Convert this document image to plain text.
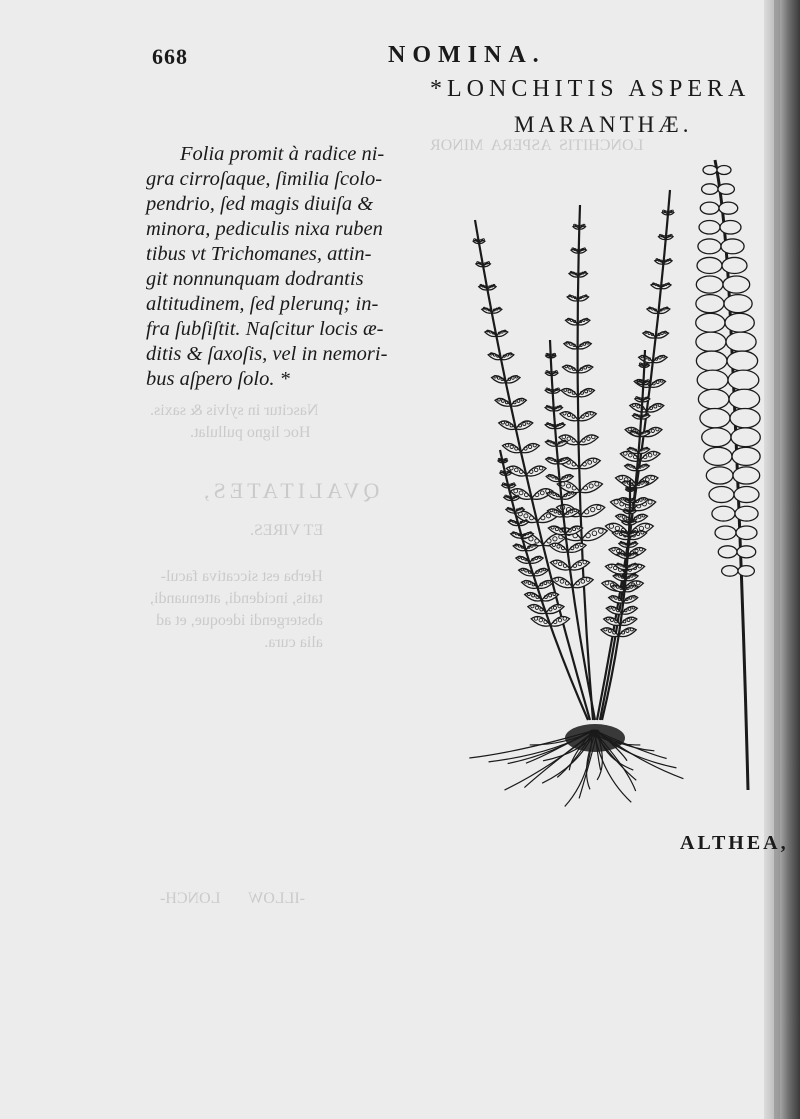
LONCHITIS  ASPERA  MINOR
Nascitur in sylvis & saxis.
Hoc ligno pullulat.
QVALITATES,
ET VIRES.
Herba est siccativa facul-
tatis, incidendi, attenuandi,
abstergendi ideoque, et ad
alia cura.
-ILLOW       LONCH-
668	NOMINA.
*LONCHITIS ASPERA
MARANTHÆ.
Folia promit à radice ni-
gra cirroſaque, ſimilia ſcolo-
pendrio, ſed magis diuiſa &
minora, pediculis nixa ruben
tibus vt Trichomanes, attin-
git nonnunquam dodrantis
altitudinem, ſed plerunq; in-
fra ſubſiſtit. Naſcitur locis æ-
ditis & ſaxoſis, vel in nemori-
bus aſpero ſolo. *
ALTHEA,
